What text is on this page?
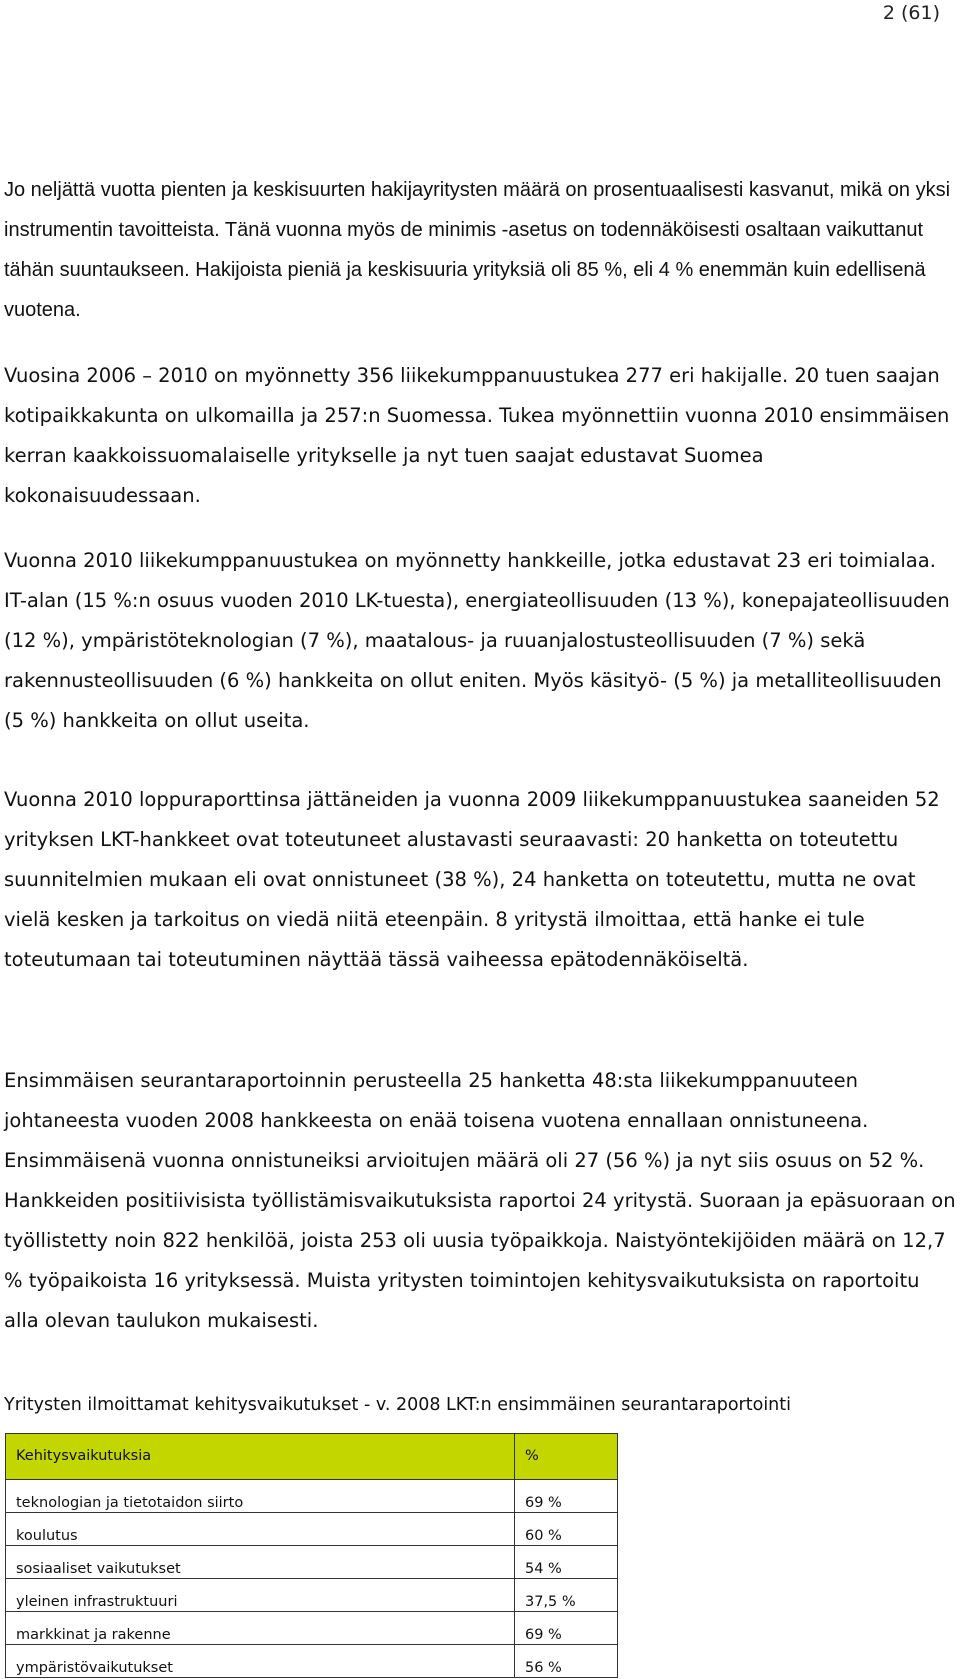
2 (61)

Jo neljättä vuotta pienten ja keskisuurten hakijayritysten määrä on prosentuaalisesti kasvanut, mikä on yksi instrumentin tavoitteista. Tänä vuonna myös de minimis -asetus on todennäköisesti osaltaan vaikuttanut tähän suuntaukseen. Hakijoista pieniä ja keskisuuria yrityksiä oli 85 %, eli 4 % enemmän kuin edellisenä vuotena.

Vuosina 2006 – 2010 on myönnetty 356 liikekumppanuustukea 277 eri hakijalle. 20 tuen saajan kotipaikkakunta on ulkomailla ja 257:n Suomessa. Tukea myönnettiin vuonna 2010 ensimmäisen kerran kaakkoissuomalaiselle yritykselle ja nyt tuen saajat edustavat Suomea kokonaisuudessaan.

Vuonna 2010 liikekumppanuustukea on myönnetty hankkeille, jotka edustavat 23 eri toimialaa. IT-alan (15 %:n osuus vuoden 2010 LK-tuesta), energiateollisuuden (13 %), konepajateollisuuden (12 %), ympäristöteknologian (7 %), maatalous- ja ruuanjalostusteollisuuden (7 %) sekä rakennusteollisuuden (6 %) hankkeita on ollut eniten. Myös käsityö- (5 %) ja metalliteollisuuden (5 %) hankkeita on ollut useita.

Vuonna 2010 loppuraporttinsa jättäneiden ja vuonna 2009 liikekumppanuustukea saaneiden 52 yrityksen LKT-hankkeet ovat toteutuneet alustavasti seuraavasti: 20 hanketta on toteutettu suunnitelmien mukaan eli ovat onnistuneet (38 %), 24 hanketta on toteutettu, mutta ne ovat vielä kesken ja tarkoitus on viedä niitä eteenpäin. 8 yritystä ilmoittaa, että hanke ei tule toteutumaan tai toteutuminen näyttää tässä vaiheessa epätodennäköiseltä.

Ensimmäisen seurantaraportoinnin perusteella 25 hanketta 48:sta liikekumppanuuteen johtaneesta vuoden 2008 hankkeesta on enää toisena vuotena ennallaan onnistuneena. Ensimmäisenä vuonna onnistuneiksi arvioitujen määrä oli 27 (56 %) ja nyt siis osuus on 52 %. Hankkeiden positiivisista työllistämisvaikutuksista raportoi 24 yritystä. Suoraan ja epäsuoraan on työllistetty noin 822 henkilöä, joista 253 oli uusia työpaikkoja. Naistyöntekijöiden määrä on 12,7 % työpaikoista 16 yrityksessä. Muista yritysten toimintojen kehitysvaikutuksista on raportoitu alla olevan taulukon mukaisesti.

Yritysten ilmoittamat kehitysvaikutukset - v. 2008 LKT:n ensimmäinen seurantaraportointi

Kehitysvaikutuksia	%
teknologian ja tietotaidon siirto	69 %
koulutus	60 %
sosiaaliset vaikutukset	54 %
yleinen infrastruktuuri	37,5 %
markkinat ja rakenne	69 %
ympäristövaikutukset	56 %
